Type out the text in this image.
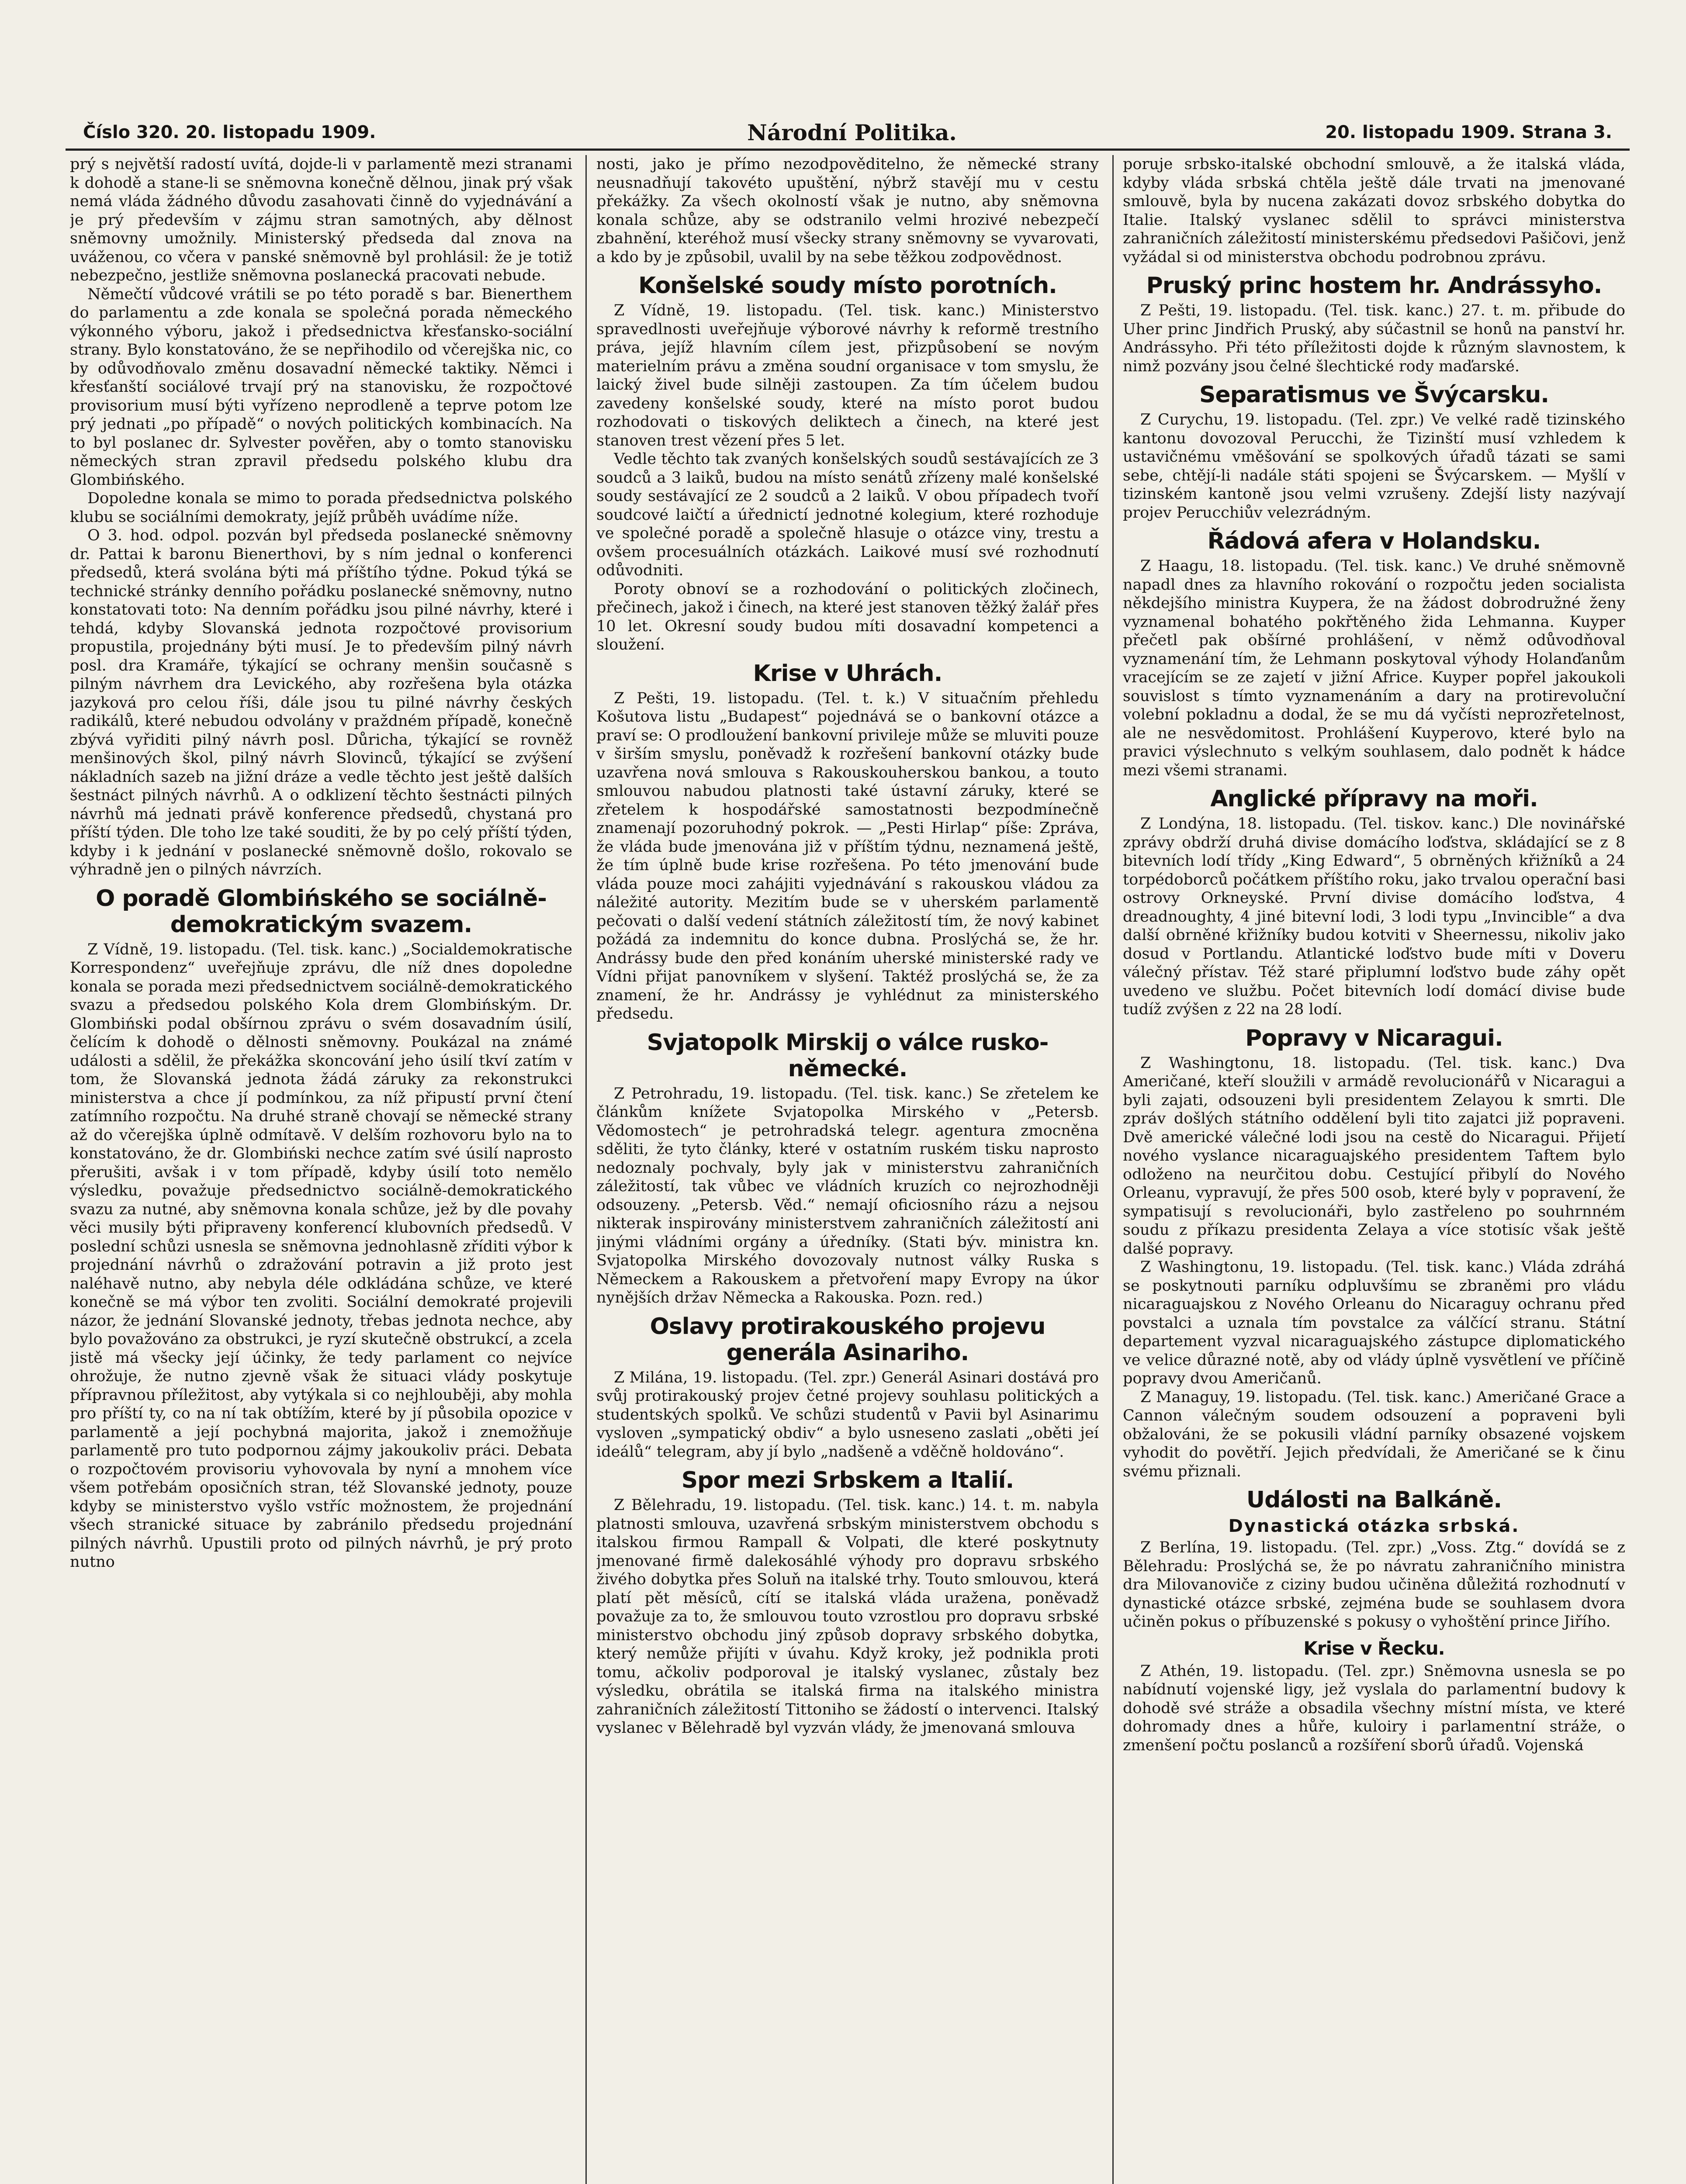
Číslo 320. 20. listopadu 1909.	Národní Politika.	20. listopadu 1909. Strana 3.

prý s největší radostí uvítá, dojde-li v parlamentě mezi stranami k dohodě a stane-li se sněmovna konečně dělnou, jinak prý však nemá vláda žádného důvodu zasahovati činně do vyjednávání a je prý především v zájmu stran samotných, aby dělnost sněmovny umožnily. Ministerský předseda dal znova na uváženou, co včera v panské sněmovně byl prohlásil: že je totiž nebezpečno, jestliže sněmovna poslanecká pracovati nebude.

Němečtí vůdcové vrátili se po této poradě s bar. Bienerthem do parlamentu a zde konala se společná porada německého výkonného výboru, jakož i předsednictva křesťansko-sociální strany. Bylo konstatováno, že se nepřihodilo od včerejška nic, co by odůvodňovalo změnu dosavadní německé taktiky. Němci i křesťanští sociálové trvají prý na stanovisku, že rozpočtové provisorium musí býti vyřízeno neprodleně a teprve potom lze prý jednati „po případě“ o nových politických kombinacích. Na to byl poslanec dr. Sylvester pověřen, aby o tomto stanovisku německých stran zpravil předsedu polského klubu dra Glombińského.

Dopoledne konala se mimo to porada předsednictva polského klubu se sociálními demokraty, jejíž průběh uvádíme níže.

O 3. hod. odpol. pozván byl předseda poslanecké sněmovny dr. Pattai k baronu Bienerthovi, by s ním jednal o konferenci předsedů, která svolána býti má příštího týdne. Pokud týká se technické stránky denního pořádku poslanecké sněmovny, nutno konstatovati toto: Na denním pořádku jsou pilné návrhy, které i tehdá, kdyby Slovanská jednota rozpočtové provisorium propustila, projednány býti musí. Je to především pilný návrh posl. dra Kramáře, týkající se ochrany menšin současně s pilným návrhem dra Levického, aby rozřešena byla otázka jazyková pro celou říši, dále jsou tu pilné návrhy českých radikálů, které nebudou odvolány v praždném případě, konečně zbývá vyřiditi pilný návrh posl. Důricha, týkající se rovněž menšinových škol, pilný návrh Slovinců, týkající se zvýšení nákladních sazeb na jižní dráze a vedle těchto jest ještě dalších šestnáct pilných návrhů. A o odklizení těchto šestnácti pilných návrhů má jednati právě konference předsedů, chystaná pro příští týden. Dle toho lze také souditi, že by po celý příští týden, kdyby i k jednání v poslanecké sněmovně došlo, rokovalo se výhradně jen o pilných návrzích.

O poradě Glombińského se sociálně-demokratickým svazem.

Z Vídně, 19. listopadu. (Tel. tisk. kanc.) „Socialdemokratische Korrespondenz“ uveřejňuje zprávu, dle níž dnes dopoledne konala se porada mezi předsednictvem sociálně-demokratického svazu a předsedou polského Kola drem Glombińským. Dr. Glombiński podal obšírnou zprávu o svém dosavadním úsilí, čelícím k dohodě o dělnosti sněmovny. Poukázal na známé události a sdělil, že překážka skoncování jeho úsilí tkví zatím v tom, že Slovanská jednota žádá záruky za rekonstrukci ministerstva a chce jí podmínkou, za níž připustí první čtení zatímního rozpočtu. Na druhé straně chovají se německé strany až do včerejška úplně odmítavě. V delším rozhovoru bylo na to konstatováno, že dr. Glombiński nechce zatím své úsilí naprosto přerušiti, avšak i v tom případě, kdyby úsilí toto nemělo výsledku, považuje předsednictvo sociálně-demokratického svazu za nutné, aby sněmovna konala schůze, jež by dle povahy věci musily býti připraveny konferencí klubovních předsedů. V poslední schůzi usnesla se sněmovna jednohlasně zříditi výbor k projednání návrhů o zdražování potravin a již proto jest naléhavě nutno, aby nebyla déle odkládána schůze, ve které konečně se má výbor ten zvoliti. Sociální demokraté projevili názor, že jednání Slovanské jednoty, třebas jednota nechce, aby bylo považováno za obstrukci, je ryzí skutečně obstrukcí, a zcela jistě má všecky její účinky, že tedy parlament co nejvíce ohrožuje, že nutno zjevně však že situaci vlády poskytuje přípravnou příležitost, aby vytýkala si co nejhlouběji, aby mohla pro příští ty, co na ní tak obtížím, které by jí působila opozice v parlamentě a její pochybná majorita, jakož i znemožňuje parlamentě pro tuto podpornou zájmy jakoukoliv práci. Debata o rozpočtovém provisoriu vyhovovala by nyní a mnohem více všem potřebám oposičních stran, též Slovanské jednoty, pouze kdyby se ministerstvo vyšlo vstříc možnostem, že projednání všech stranické situace by zabránilo předsedu projednání pilných návrhů. Upustili proto od pilných návrhů, je prý proto nutno

nosti, jako je přímo nezodpověditelno, že německé strany neusnadňují takovéto upuštění, nýbrž stavějí mu v cestu překážky. Za všech okolností však je nutno, aby sněmovna konala schůze, aby se odstranilo velmi hrozivé nebezpečí zbahnění, kteréhož musí všecky strany sněmovny se vyvarovati, a kdo by je způsobil, uvalil by na sebe těžkou zodpovědnost.

Konšelské soudy místo porotních.

Z Vídně, 19. listopadu. (Tel. tisk. kanc.) Ministerstvo spravedlnosti uveřejňuje výborové návrhy k reformě trestního práva, jejíž hlavním cílem jest, přizpůsobení se novým materielním právu a změna soudní organisace v tom smyslu, že laický živel bude silněji zastoupen. Za tím účelem budou zavedeny konšelské soudy, které na místo porot budou rozhodovati o tiskových deliktech a činech, na které jest stanoven trest vězení přes 5 let.

Vedle těchto tak zvaných konšelských soudů sestávajících ze 3 soudců a 3 laiků, budou na místo senátů zřízeny malé konšelské soudy sestávající ze 2 soudců a 2 laiků. V obou případech tvoří soudcové laičtí a úřednictí jednotné kolegium, které rozhoduje ve společné poradě a společně hlasuje o otázce viny, trestu a ovšem procesuálních otázkách. Laikové musí své rozhodnutí odůvodniti.

Poroty obnoví se a rozhodování o politických zločinech, přečinech, jakož i činech, na které jest stanoven těžký žalář přes 10 let. Okresní soudy budou míti dosavadní kompetenci a sloužení.

Krise v Uhrách.

Z Pešti, 19. listopadu. (Tel. t. k.) V situačním přehledu Košutova listu „Budapest“ pojednává se o bankovní otázce a praví se: O prodloužení bankovní privileje může se mluviti pouze v širším smyslu, poněvadž k rozřešení bankovní otázky bude uzavřena nová smlouva s Rakouskouherskou bankou, a touto smlouvou nabudou platnosti také ústavní záruky, které se zřetelem k hospodářské samostatnosti bezpodmínečně znamenají pozoruhodný pokrok. — „Pesti Hirlap“ píše: Zpráva, že vláda bude jmenována již v příštím týdnu, neznamená ještě, že tím úplně bude krise rozřešena. Po této jmenování bude vláda pouze moci zahájiti vyjednávání s rakouskou vládou za náležité autority. Mezitím bude se v uherském parlamentě pečovati o další vedení státních záležitostí tím, že nový kabinet požádá za indemnitu do konce dubna. Proslýchá se, že hr. Andrássy bude den před konáním uherské ministerské rady ve Vídni přijat panovníkem v slyšení. Taktéž proslýchá se, že za znamení, že hr. Andrássy je vyhlédnut za ministerského předsedu.

Svjatopolk Mirskij o válce rusko-německé.

Z Petrohradu, 19. listopadu. (Tel. tisk. kanc.) Se zřetelem ke článkům knížete Svjatopolka Mirského v „Petersb. Vědomostech“ je petrohradská telegr. agentura zmocněna sděliti, že tyto články, které v ostatním ruském tisku naprosto nedoznaly pochvaly, byly jak v ministerstvu zahraničních záležitostí, tak vůbec ve vládních kruzích co nejrozhodněji odsouzeny. „Petersb. Věd.“ nemají oficiosního rázu a nejsou nikterak inspirovány ministerstvem zahraničních záležitostí ani jinými vládními orgány a úředníky. (Stati býv. ministra kn. Svjatopolka Mirského dovozovaly nutnost války Ruska s Německem a Rakouskem a přetvoření mapy Evropy na úkor nynějších držav Německa a Rakouska. Pozn. red.)

Oslavy protirakouského projevu generála Asinariho.

Z Milána, 19. listopadu. (Tel. zpr.) Generál Asinari dostává pro svůj protirakouský projev četné projevy souhlasu politických a studentských spolků. Ve schůzi studentů v Pavii byl Asinarimu vysloven „sympatický obdiv“ a bylo usneseno zaslati „oběti jeí ideálů“ telegram, aby jí bylo „nadšeně a vděčně holdováno“.

Spor mezi Srbskem a Italií.

Z Bělehradu, 19. listopadu. (Tel. tisk. kanc.) 14. t. m. nabyla platnosti smlouva, uzavřená srbským ministerstvem obchodu s italskou firmou Rampall & Volpati, dle které poskytnuty jmenované firmě dalekosáhlé výhody pro dopravu srbského živého dobytka přes Soluň na italské trhy. Touto smlouvou, která platí pět měsíců, cítí se italská vláda uražena, poněvadž považuje za to, že smlouvou touto vzrostlou pro dopravu srbské ministerstvo obchodu jiný způsob dopravy srbského dobytka, který nemůže přijíti v úvahu. Když kroky, jež podnikla proti tomu, ačkoliv podporoval je italský vyslanec, zůstaly bez výsledku, obrátila se italská firma na italského ministra zahraničních záležitostí Tittoniho se žádostí o intervenci. Italský vyslanec v Bělehradě byl vyzván vlády, že jmenovaná smlouva

poruje srbsko-italské obchodní smlouvě, a že italská vláda, kdyby vláda srbská chtěla ještě dále trvati na jmenované smlouvě, byla by nucena zakázati dovoz srbského dobytka do Italie. Italský vyslanec sdělil to správci ministerstva zahraničních záležitostí ministerskému předsedovi Pašičovi, jenž vyžádal si od ministerstva obchodu podrobnou zprávu.

Pruský princ hostem hr. Andrássyho.

Z Pešti, 19. listopadu. (Tel. tisk. kanc.) 27. t. m. přibude do Uher princ Jindřich Pruský, aby súčastnil se honů na panství hr. Andrássyho. Při této příležitosti dojde k různým slavnostem, k nimž pozvány jsou čelné šlechtické rody maďarské.

Separatismus ve Švýcarsku.

Z Curychu, 19. listopadu. (Tel. zpr.) Ve velké radě tizinského kantonu dovozoval Perucchi, že Tizinští musí vzhledem k ustavičnému vměšování se spolkových úřadů tázati se sami sebe, chtějí-li nadále státi spojeni se Švýcarskem. — Myšlí v tizinském kantoně jsou velmi vzrušeny. Zdejší listy nazývají projev Perucchiův velezrádným.

Řádová afera v Holandsku.

Z Haagu, 18. listopadu. (Tel. tisk. kanc.) Ve druhé sněmovně napadl dnes za hlavního rokování o rozpočtu jeden socialista někdejšího ministra Kuypera, že na žádost dobrodružné ženy vyznamenal bohatého pokřtěného žida Lehmanna. Kuyper přečetl pak obšírné prohlášení, v němž odůvodňoval vyznamenání tím, že Lehmann poskytoval výhody Holanďanům vracejícím se ze zajetí v jižní Africe. Kuyper popřel jakoukoli souvislost s tímto vyznamenáním a dary na protirevoluční volební pokladnu a dodal, že se mu dá vyčísti neprozřetelnost, ale ne nesvědomitost. Prohlášení Kuyperovo, které bylo na pravici výslechnuto s velkým souhlasem, dalo podnět k hádce mezi všemi stranami.

Anglické přípravy na moři.

Z Londýna, 18. listopadu. (Tel. tiskov. kanc.) Dle novinářské zprávy obdrží druhá divise domácího loďstva, skládající se z 8 bitevních lodí třídy „King Edward“, 5 obrněných křižníků a 24 torpédoborců počátkem příštího roku, jako trvalou operační basi ostrovy Orkneyské. První divise domácího loďstva, 4 dreadnoughty, 4 jiné bitevní lodi, 3 lodi typu „Invincible“ a dva další obrněné křižníky budou kotviti v Sheernessu, nikoliv jako dosud v Portlandu. Atlantické loďstvo bude míti v Doveru válečný přístav. Též staré připlumní loďstvo bude záhy opět uvedeno ve službu. Počet bitevních lodí domácí divise bude tudíž zvýšen z 22 na 28 lodí.

Popravy v Nicaragui.

Z Washingtonu, 18. listopadu. (Tel. tisk. kanc.) Dva Američané, kteří sloužili v armádě revolucionářů v Nicaragui a byli zajati, odsouzeni byli presidentem Zelayou k smrti. Dle zpráv došlých státního oddělení byli tito zajatci již popraveni. Dvě americké válečné lodi jsou na cestě do Nicaragui. Přijetí nového vyslance nicaraguajského presidentem Taftem bylo odloženo na neurčitou dobu. Cestující přibylí do Nového Orleanu, vypravují, že přes 500 osob, které byly v popravení, že sympatisují s revolucionáři, bylo zastřeleno po souhrnném soudu z příkazu presidenta Zelaya a více stotisíc však ještě dalšé popravy.

Z Washingtonu, 19. listopadu. (Tel. tisk. kanc.) Vláda zdráhá se poskytnouti parníku odpluvšímu se zbraněmi pro vládu nicaraguajskou z Nového Orleanu do Nicaraguy ochranu před povstalci a uznala tím povstalce za válčící stranu. Státní departement vyzval nicaraguajského zástupce diplomatického ve velice důrazné notě, aby od vlády úplně vysvětlení ve příčině popravy dvou Američanů.

Z Managuy, 19. listopadu. (Tel. tisk. kanc.) Američané Grace a Cannon válečným soudem odsouzení a popraveni byli obžalováni, že se pokusili vládní parníky obsazené vojskem vyhodit do povětří. Jejich předvídali, že Američané se k činu svému přiznali.

Události na Balkáně.
Dynastická otázka srbská.

Z Berlína, 19. listopadu. (Tel. zpr.) „Voss. Ztg.“ dovídá se z Bělehradu: Proslýchá se, že po návratu zahraničního ministra dra Milovanoviče z ciziny budou učiněna důležitá rozhodnutí v dynastické otázce srbské, zejména bude se souhlasem dvora učiněn pokus o příbuzenské s pokusy o vyhoštění prince Jiřího.

Krise v Řecku.

Z Athén, 19. listopadu. (Tel. zpr.) Sněmovna usnesla se po nabídnutí vojenské ligy, jež vyslala do parlamentní budovy k dohodě své stráže a obsadila všechny místní místa, ve které dohromady dnes a hůře, kuloiry i parlamentní stráže, o zmenšení počtu poslanců a rozšíření sborů úřadů. Vojenská
